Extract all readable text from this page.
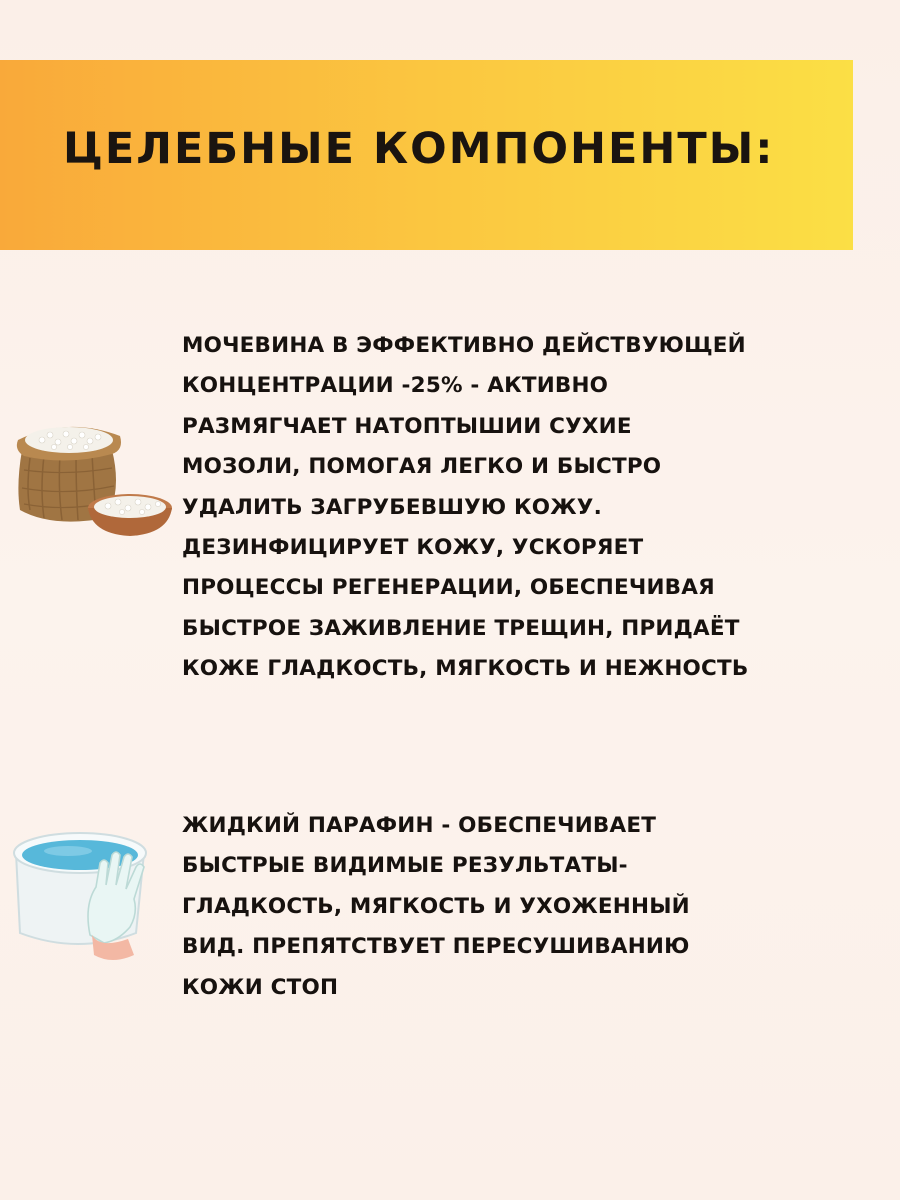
ЦЕЛЕБНЫЕ КОМПОНЕНТЫ:

МОЧЕВИНА В ЭФФЕКТИВНО ДЕЙСТВУЮЩЕЙ
КОНЦЕНТРАЦИИ -25% - АКТИВНО
РАЗМЯГЧАЕТ НАТОПТЫШИИ СУХИЕ
МОЗОЛИ, ПОМОГАЯ ЛЕГКО И БЫСТРО
УДАЛИТЬ ЗАГРУБЕВШУЮ КОЖУ.
ДЕЗИНФИЦИРУЕТ КОЖУ, УСКОРЯЕТ
ПРОЦЕССЫ РЕГЕНЕРАЦИИ, ОБЕСПЕЧИВАЯ
БЫСТРОЕ ЗАЖИВЛЕНИЕ ТРЕЩИН, ПРИДАЁТ
КОЖЕ ГЛАДКОСТЬ, МЯГКОСТЬ И НЕЖНОСТЬ

ЖИДКИЙ ПАРАФИН - ОБЕСПЕЧИВАЕТ
БЫСТРЫЕ ВИДИМЫЕ РЕЗУЛЬТАТЫ-
ГЛАДКОСТЬ, МЯГКОСТЬ И УХОЖЕННЫЙ
ВИД. ПРЕПЯТСТВУЕТ ПЕРЕСУШИВАНИЮ
КОЖИ СТОП
